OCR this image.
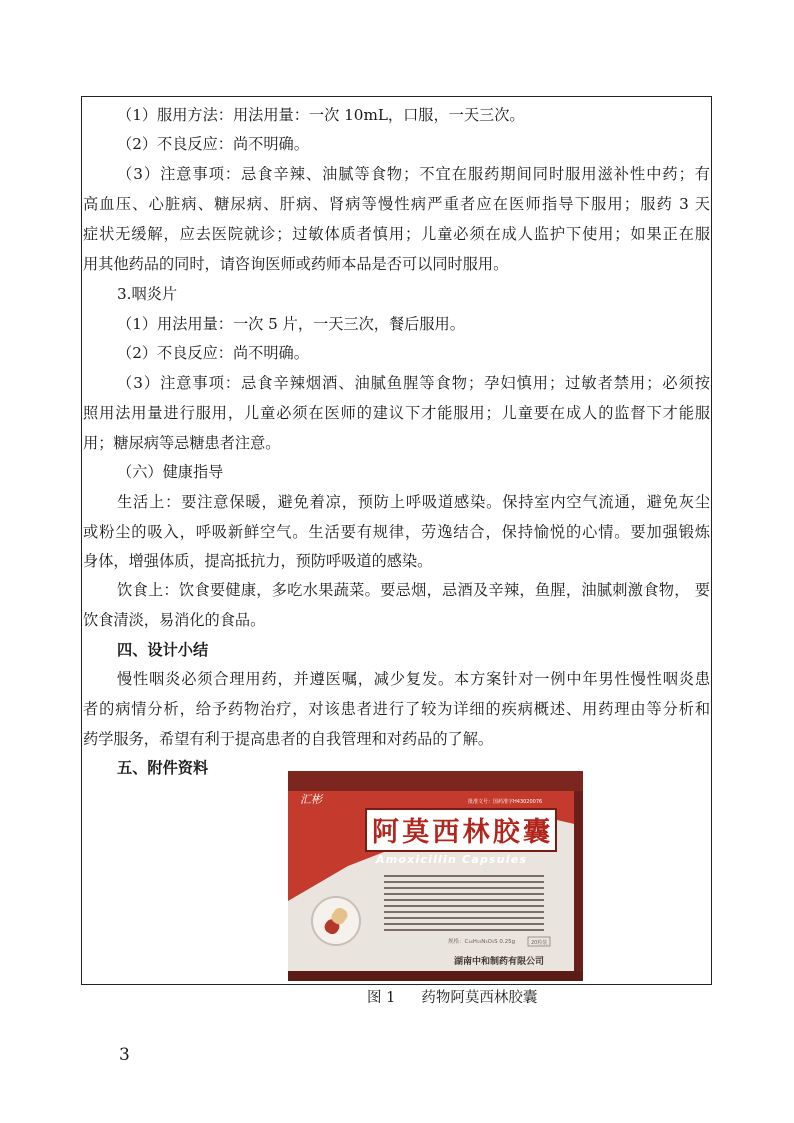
（1）服用方法：用法用量：一次 10mL，口服，一天三次。
（2）不良反应：尚不明确。
（3）注意事项：忌食辛辣、油腻等食物；不宜在服药期间同时服用滋补性中药；有
高血压、心脏病、糖尿病、肝病、肾病等慢性病严重者应在医师指导下服用；服药 3 天
症状无缓解，应去医院就诊；过敏体质者慎用；儿童必须在成人监护下使用；如果正在服
用其他药品的同时，请咨询医师或药师本品是否可以同时服用。
3.咽炎片
（1）用法用量：一次 5 片，一天三次，餐后服用。
（2）不良反应：尚不明确。
（3）注意事项：忌食辛辣烟酒、油腻鱼腥等食物；孕妇慎用；过敏者禁用；必须按
照用法用量进行服用，儿童必须在医师的建议下才能服用；儿童要在成人的监督下才能服
用；糖尿病等忌糖患者注意。
（六）健康指导
生活上：要注意保暖，避免着凉，预防上呼吸道感染。保持室内空气流通，避免灰尘
或粉尘的吸入，呼吸新鲜空气。生活要有规律，劳逸结合，保持愉悦的心情。要加强锻炼
身体，增强体质，提高抵抗力，预防呼吸道的感染。
饮食上：饮食要健康，多吃水果蔬菜。要忌烟，忌酒及辛辣，鱼腥，油腻刺激食物， 要
饮食清淡，易消化的食品。
四、设计小结
慢性咽炎必须合理用药，并遵医嘱，减少复发。本方案针对一例中年男性慢性咽炎患
者的病情分析，给予药物治疗，对该患者进行了较为详细的疾病概述、用药理由等分析和
药学服务，希望有利于提高患者的自我管理和对药品的了解。
五、附件资料
汇彬	批准文号：国药准字H43020076
阿莫西林胶囊
Amoxicillin Capsules
规格：C₁₆H₁₉N₃O₅S 0.25g	20粒装
湖南中和制药有限公司
图 1 药物阿莫西林胶囊
3
